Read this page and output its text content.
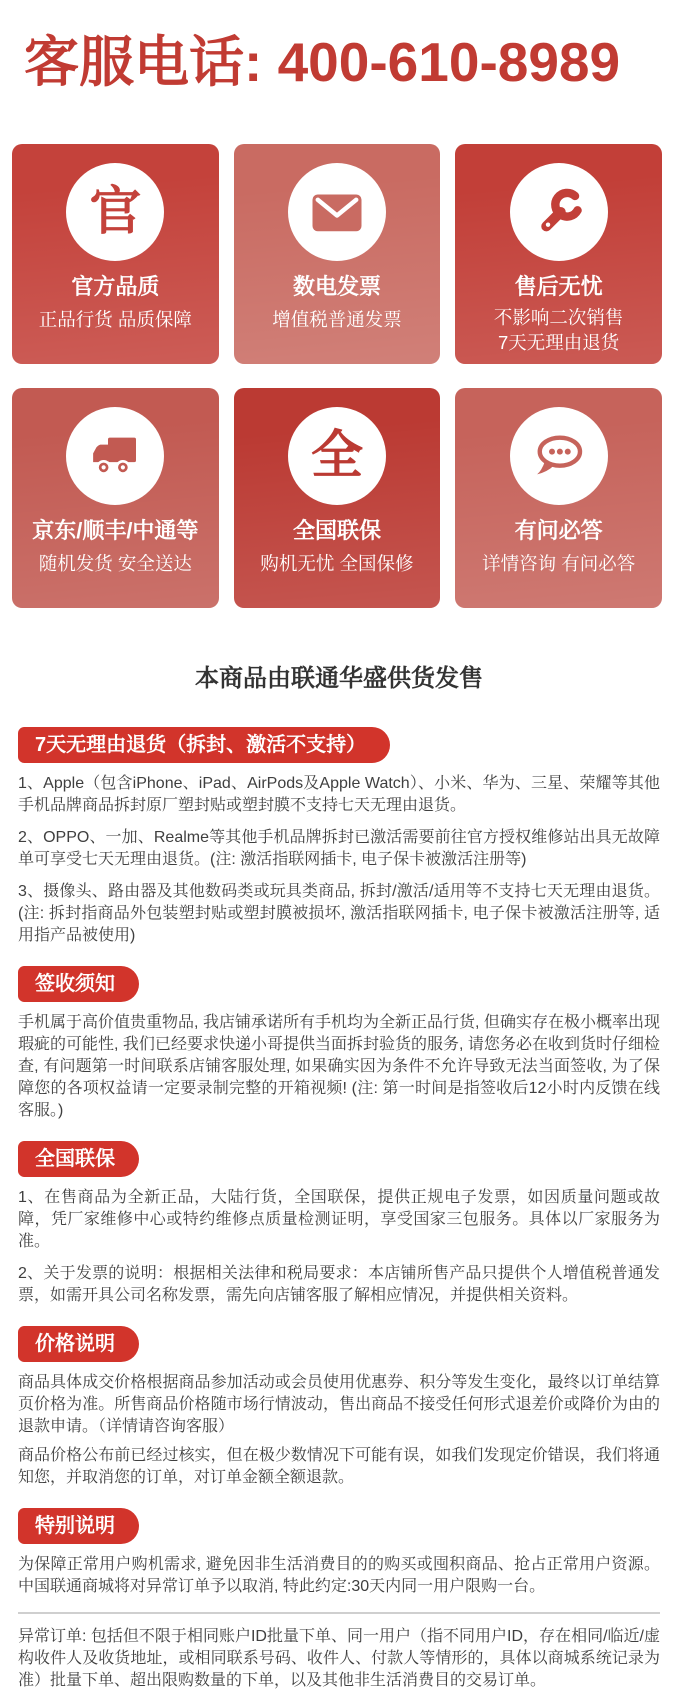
客服电话: 400-610-8989
官
官方品质
正品行货 品质保障
数电发票
增值税普通发票
售后无忧
不影响二次销售
7天无理由退货
京东/顺丰/中通等
随机发货 安全送达
全
全国联保
购机无忧 全国保修
有问必答
详情咨询 有问必答
本商品由联通华盛供货发售
7天无理由退货（拆封、激活不支持）

1、Apple（包含iPhone、iPad、AirPods及Apple Watch）、小米、华为、三星、荣耀等其他手机品牌商品拆封原厂塑封贴或塑封膜不支持七天无理由退货。

2、OPPO、一加、Realme等其他手机品牌拆封已激活需要前往官方授权维修站出具无故障单可享受七天无理由退货。(注: 激活指联网插卡, 电子保卡被激活注册等)

3、摄像头、路由器及其他数码类或玩具类商品, 拆封/激活/适用等不支持七天无理由退货。(注: 拆封指商品外包装塑封贴或塑封膜被损坏, 激活指联网插卡, 电子保卡被激活注册等, 适用指产品被使用)

签收须知

手机属于高价值贵重物品, 我店铺承诺所有手机均为全新正品行货, 但确实存在极小概率出现瑕疵的可能性, 我们已经要求快递小哥提供当面拆封验货的服务, 请您务必在收到货时仔细检查, 有问题第一时间联系店铺客服处理, 如果确实因为条件不允许导致无法当面签收, 为了保障您的各项权益请一定要录制完整的开箱视频! (注: 第一时间是指签收后12小时内反馈在线客服。)

全国联保

1、在售商品为全新正品，大陆行货，全国联保，提供正规电子发票，如因质量问题或故障，凭厂家维修中心或特约维修点质量检测证明，享受国家三包服务。具体以厂家服务为准。

2、关于发票的说明：根据相关法律和税局要求：本店铺所售产品只提供个人增值税普通发票，如需开具公司名称发票，需先向店铺客服了解相应情况，并提供相关资料。

价格说明

商品具体成交价格根据商品参加活动或会员使用优惠券、积分等发生变化，最终以订单结算页价格为准。所售商品价格随市场行情波动，售出商品不接受任何形式退差价或降价为由的退款申请。（详情请咨询客服）

商品价格公布前已经过核实，但在极少数情况下可能有误，如我们发现定价错误，我们将通知您，并取消您的订单，对订单金额全额退款。

特别说明

为保障正常用户购机需求, 避免因非生活消费目的的购买或囤积商品、抢占正常用户资源。中国联通商城将对异常订单予以取消, 特此约定:30天内同一用户限购一台。

异常订单: 包括但不限于相同账户ID批量下单、同一用户（指不同用户ID，存在相同/临近/虚构收件人及收货地址，或相同联系号码、收件人、付款人等情形的，具体以商城系统记录为准）批量下单、超出限购数量的下单，以及其他非生活消费目的交易订单。
